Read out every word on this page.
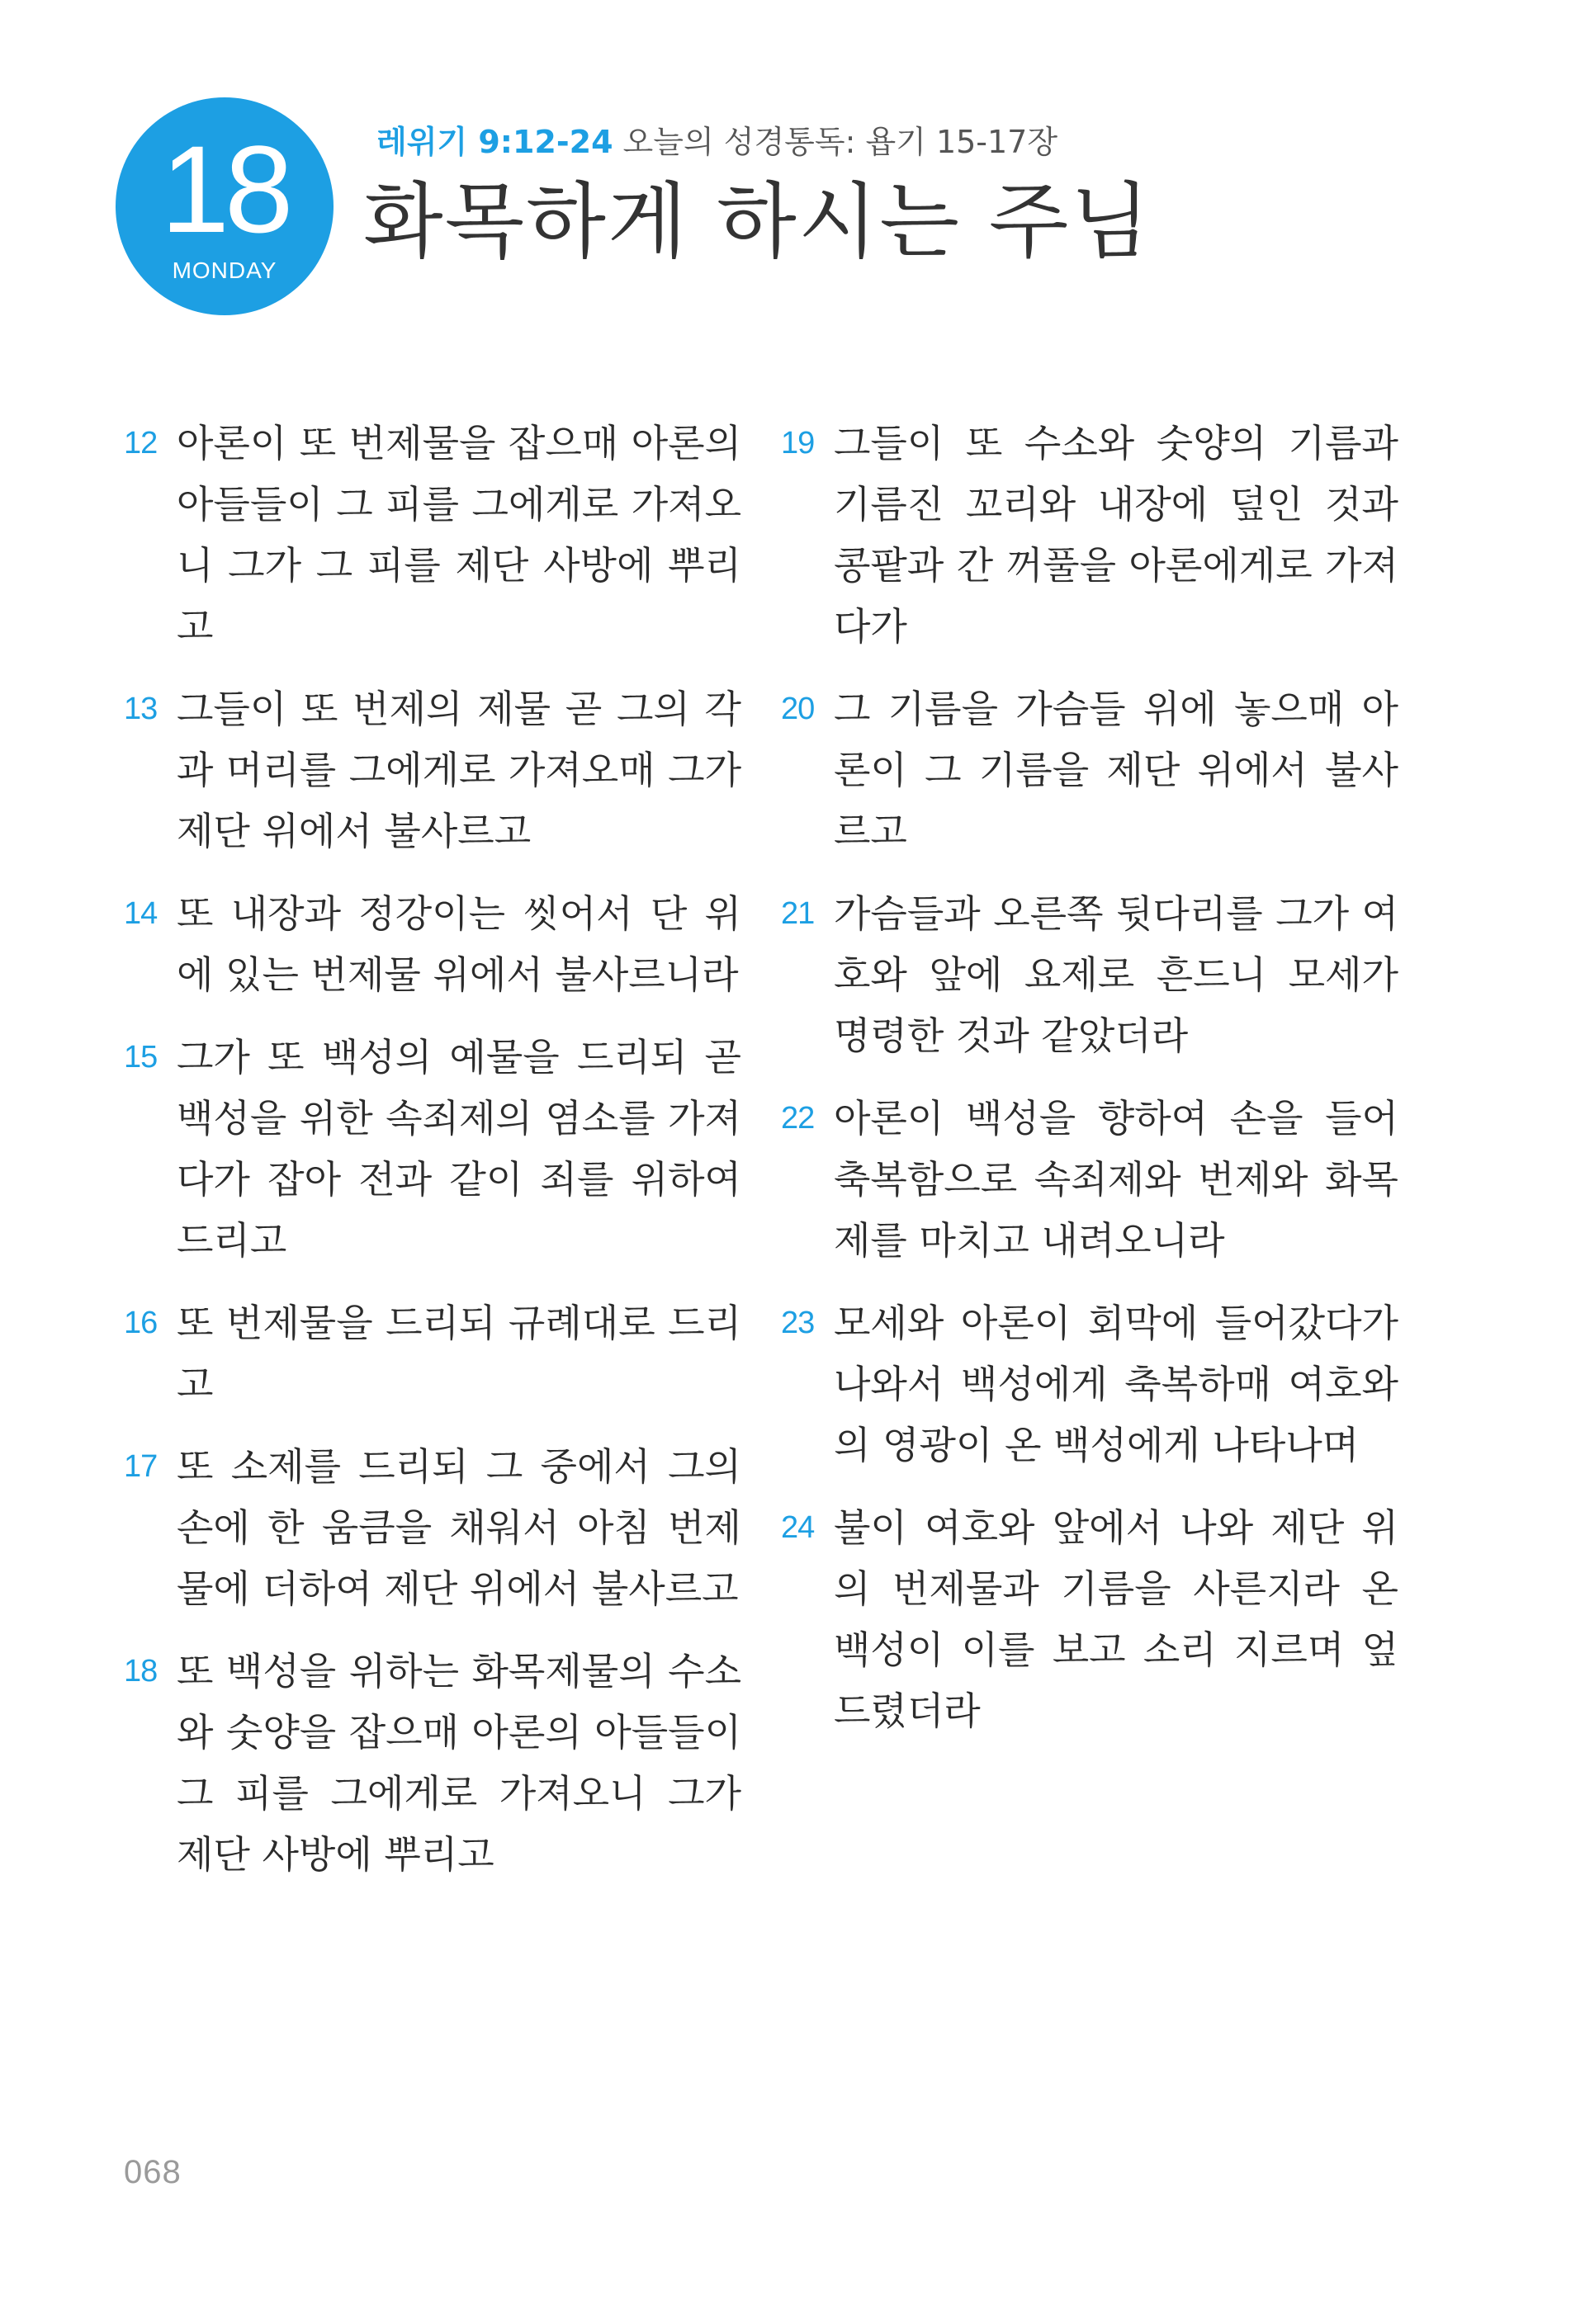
18
MONDAY
레위기 9:12-24 오늘의 성경통독: 욥기 15-17장
화목하게 하시는 주님
12 아론이 또 번제물을 잡으매 아론의 아들들이 그 피를 그에게로 가져오니 그가 그 피를 제단 사방에 뿌리고
13 그들이 또 번제의 제물 곧 그의 각과 머리를 그에게로 가져오매 그가 제단 위에서 불사르고
14 또 내장과 정강이는 씻어서 단 위에 있는 번제물 위에서 불사르니라
15 그가 또 백성의 예물을 드리되 곧 백성을 위한 속죄제의 염소를 가져다가 잡아 전과 같이 죄를 위하여 드리고
16 또 번제물을 드리되 규례대로 드리고
17 또 소제를 드리되 그 중에서 그의 손에 한 움큼을 채워서 아침 번제물에 더하여 제단 위에서 불사르고
18 또 백성을 위하는 화목제물의 수소와 숫양을 잡으매 아론의 아들들이 그 피를 그에게로 가져오니 그가 제단 사방에 뿌리고
19 그들이 또 수소와 숫양의 기름과 기름진 꼬리와 내장에 덮인 것과 콩팥과 간 꺼풀을 아론에게로 가져다가
20 그 기름을 가슴들 위에 놓으매 아론이 그 기름을 제단 위에서 불사르고
21 가슴들과 오른쪽 뒷다리를 그가 여호와 앞에 요제로 흔드니 모세가 명령한 것과 같았더라
22 아론이 백성을 향하여 손을 들어 축복함으로 속죄제와 번제와 화목제를 마치고 내려오니라
23 모세와 아론이 회막에 들어갔다가 나와서 백성에게 축복하매 여호와의 영광이 온 백성에게 나타나며
24 불이 여호와 앞에서 나와 제단 위의 번제물과 기름을 사른지라 온 백성이 이를 보고 소리 지르며 엎드렸더라
068
